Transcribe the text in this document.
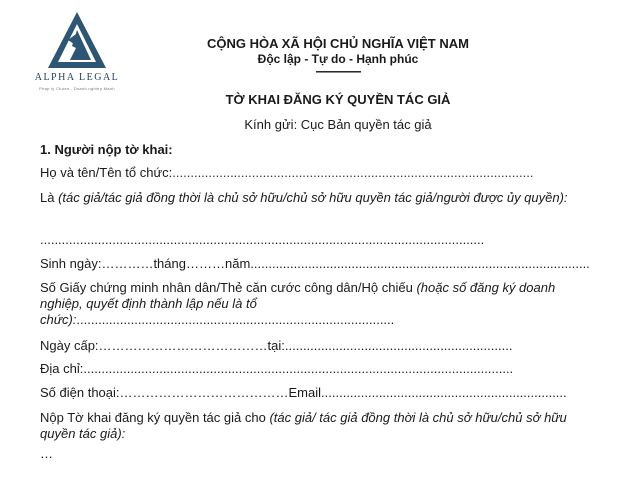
ALPHA LEGAL
Phap ly Chuan - Doanh nghiep Manh
CỘNG HÒA XÃ HỘI CHỦ NGHĨA VIỆT NAM
Độc lập - Tự do - Hạnh phúc
---------------
TỜ KHAI ĐĂNG KÝ QUYỀN TÁC GIẢ
Kính gửi: Cục Bản quyền tác giả
1. Người nộp tờ khai:
Họ và tên/Tên tổ chức:....................................................................................................
Là (tác giả/tác giả đồng thời là chủ sở hữu/chủ sở hữu quyền tác giả/người được ủy quyền):
...........................................................................................................................
Sinh ngày:…………tháng………năm..............................................................................................
Số Giấy chứng minh nhân dân/Thẻ căn cước công dân/Hộ chiếu (hoặc số đăng ký doanh nghiệp, quyết định thành lập nếu là tổ chức):........................................................................................
Ngày cấp:…………………………………tại:...............................................................
Địa chỉ:.......................................................................................................................
Số điện thoại:…………………………………Email....................................................................
Nộp Tờ khai đăng ký quyền tác giả cho (tác giả/ tác giả đồng thời là chủ sở hữu/chủ sở hữu quyền tác giả):
…
